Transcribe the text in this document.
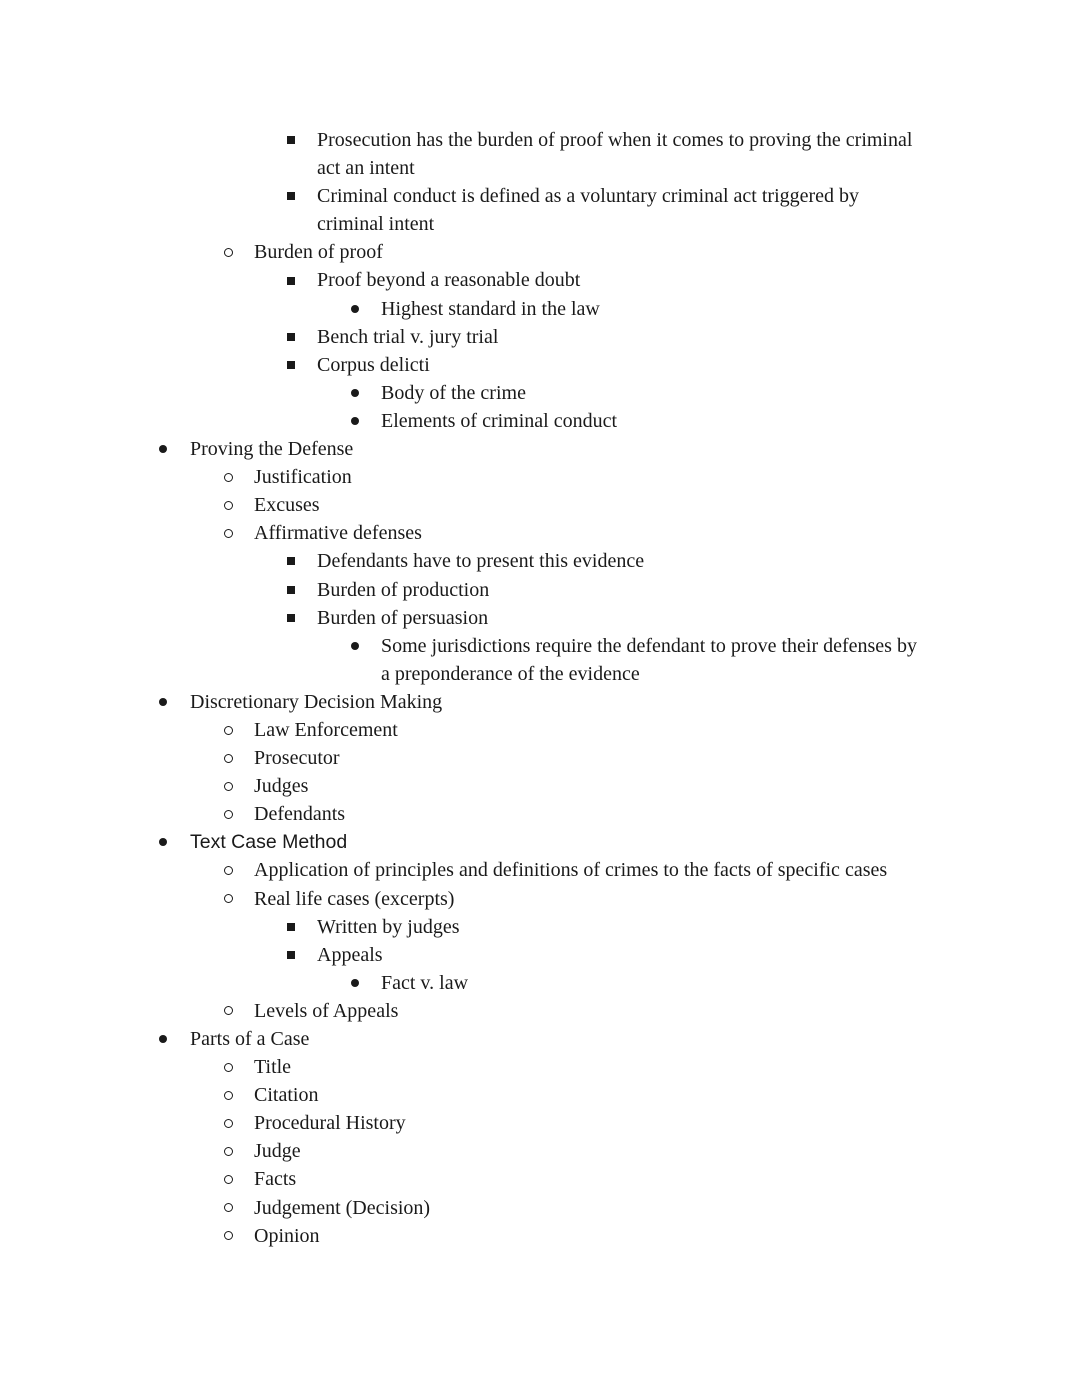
Prosecution has the burden of proof when it comes to proving the criminal
act an intent
Criminal conduct is defined as a voluntary criminal act triggered by
criminal intent
Burden of proof
Proof beyond a reasonable doubt
Highest standard in the law
Bench trial v. jury trial
Corpus delicti
Body of the crime
Elements of criminal conduct
Proving the Defense
Justification
Excuses
Affirmative defenses
Defendants have to present this evidence
Burden of production
Burden of persuasion
Some jurisdictions require the defendant to prove their defenses by
a preponderance of the evidence
Discretionary Decision Making
Law Enforcement
Prosecutor
Judges
Defendants
Text Case Method
Application of principles and definitions of crimes to the facts of specific cases
Real life cases (excerpts)
Written by judges
Appeals
Fact v. law
Levels of Appeals
Parts of a Case
Title
Citation
Procedural History
Judge
Facts
Judgement (Decision)
Opinion
